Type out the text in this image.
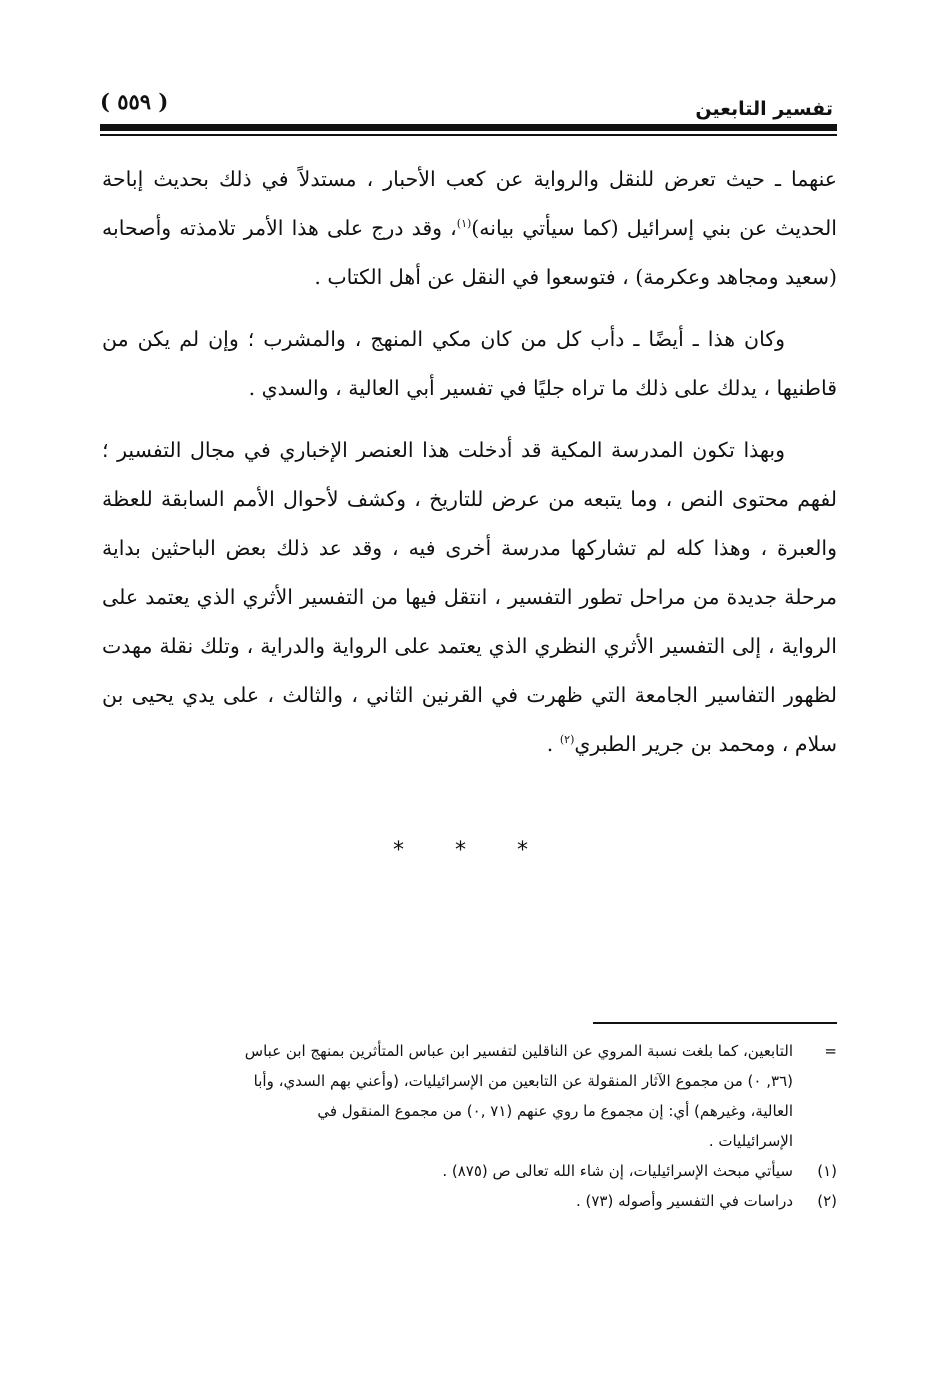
تفسير التابعين
( ٥٥٩ )

عنهما ـ حيث تعرض للنقل والرواية عن كعب الأحبار ، مستدلاً في ذلك بحديث إباحة الحديث عن بني إسرائيل (كما سيأتي بيانه)$^{(١)}$، وقد درج على هذا الأمر تلامذته وأصحابه (سعيد ومجاهد وعكرمة) ، فتوسعوا في النقل عن أهل الكتاب .

وكان هذا ـ أيضًا ـ دأب كل من كان مكي المنهج ، والمشرب ؛ وإن لم يكن من قاطنيها ، يدلك على ذلك ما تراه جليًا في تفسير أبي العالية ، والسدي .

وبهذا تكون المدرسة المكية قد أدخلت هذا العنصر الإخباري في مجال التفسير ؛ لفهم محتوى النص ، وما يتبعه من عرض للتاريخ ، وكشف لأحوال الأمم السابقة للعظة والعبرة ، وهذا كله لم تشاركها مدرسة أخرى فيه ، وقد عد ذلك بعض الباحثين بداية مرحلة جديدة من مراحل تطور التفسير ، انتقل فيها من التفسير الأثري الذي يعتمد على الرواية ، إلى التفسير الأثري النظري الذي يعتمد على الرواية والدراية ، وتلك نقلة مهدت لظهور التفاسير الجامعة التي ظهرت في القرنين الثاني ، والثالث ، على يدي يحيى بن سلام ، ومحمد بن جرير الطبري$^{(٢)}$ .

* * *
=

التابعين، كما بلغت نسبة المروي عن الناقلين لتفسير ابن عباس المتأثرين بمنهج ابن عباس

(٣٦, ٠) من مجموع الآثار المنقولة عن التابعين من الإسرائيليات، (وأعني بهم السدي، وأبا

العالية، وغيرهم) أي: إن مجموع ما روي عنهم (٧١ ,٠) من مجموع المنقول في

الإسرائيليات .

(١)

سيأتي مبحث الإسرائيليات، إن شاء الله تعالى ص (٨٧٥) .

(٢)

دراسات في التفسير وأصوله (٧٣) .
